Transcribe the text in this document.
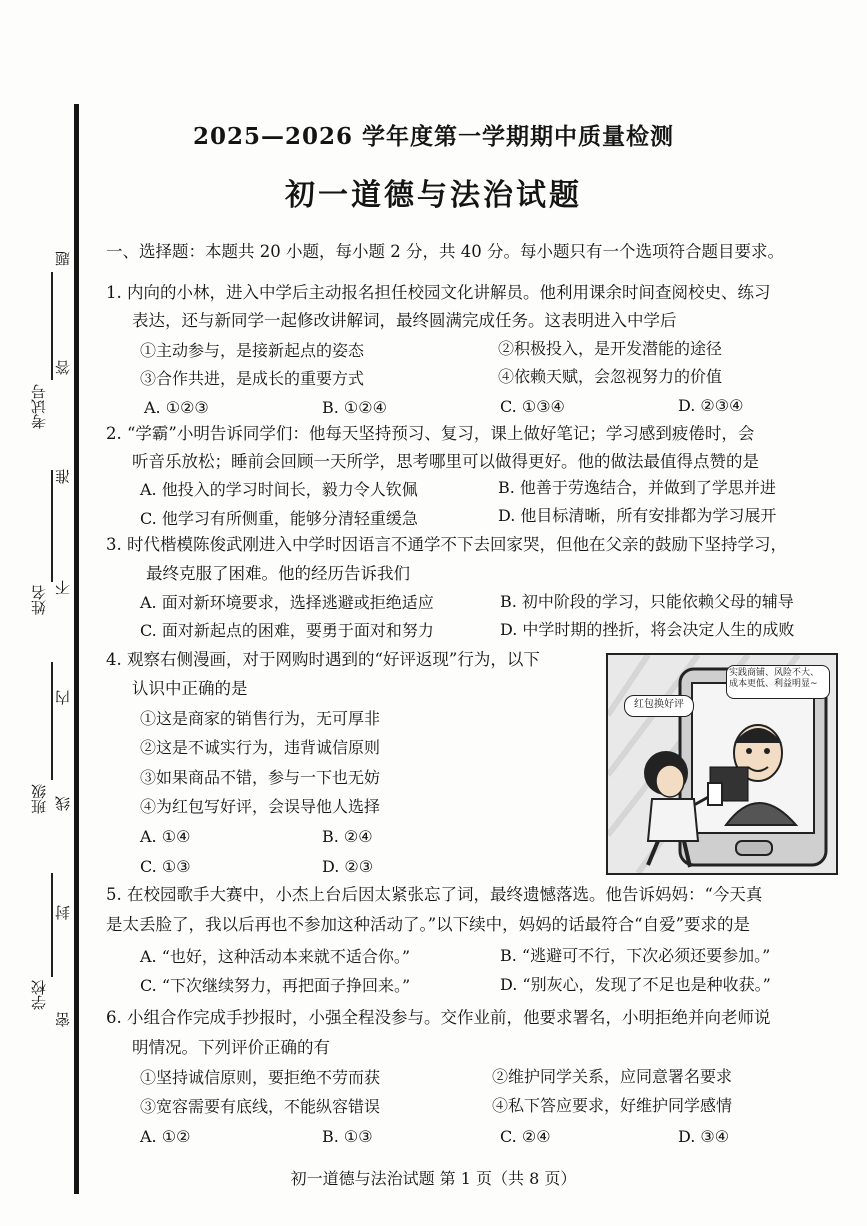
考试号
姓名
班级
学校
题
答
准
不
内
线
封
密
2025—2026 学年度第一学期期中质量检测
初一道德与法治试题
一、选择题：本题共 20 小题，每小题 2 分，共 40 分。每小题只有一个选项符合题目要求。
1. 内向的小林，进入中学后主动报名担任校园文化讲解员。他利用课余时间查阅校史、练习
表达，还与新同学一起修改讲解词，最终圆满完成任务。这表明进入中学后
①主动参与，是接新起点的姿态	②积极投入，是开发潜能的途径
③合作共进，是成长的重要方式	④依赖天赋，会忽视努力的价值
A. ①②③	B. ①②④	C. ①③④	D. ②③④
2. “学霸”小明告诉同学们：他每天坚持预习、复习，课上做好笔记；学习感到疲倦时，会
听音乐放松；睡前会回顾一天所学，思考哪里可以做得更好。他的做法最值得点赞的是
A. 他投入的学习时间长，毅力令人钦佩	B. 他善于劳逸结合，并做到了学思并进
C. 他学习有所侧重，能够分清轻重缓急	D. 他目标清晰，所有安排都为学习展开
3. 时代楷模陈俊武刚进入中学时因语言不通学不下去回家哭，但他在父亲的鼓励下坚持学习，
最终克服了困难。他的经历告诉我们
A. 面对新环境要求，选择逃避或拒绝适应	B. 初中阶段的学习，只能依赖父母的辅导
C. 面对新起点的困难，要勇于面对和努力	D. 中学时期的挫折，将会决定人生的成败
4. 观察右侧漫画，对于网购时遇到的“好评返现”行为，以下
认识中正确的是
①这是商家的销售行为，无可厚非
②这是不诚实行为，违背诚信原则
③如果商品不错，参与一下也无妨
④为红包写好评，会误导他人选择
A. ①④	B. ②④
C. ①③	D. ②③
实践商铺、风险不大、成本更低、利益明显~
红包换好评
5. 在校园歌手大赛中，小杰上台后因太紧张忘了词，最终遗憾落选。他告诉妈妈：“今天真
是太丢脸了，我以后再也不参加这种活动了。”以下续中，妈妈的话最符合“自爱”要求的是
A. “也好，这种活动本来就不适合你。”	B. “逃避可不行，下次必须还要参加。”
C. “下次继续努力，再把面子挣回来。”	D. “别灰心，发现了不足也是种收获。”
6. 小组合作完成手抄报时，小强全程没参与。交作业前，他要求署名，小明拒绝并向老师说
明情况。下列评价正确的有
①坚持诚信原则，要拒绝不劳而获	②维护同学关系，应同意署名要求
③宽容需要有底线，不能纵容错误	④私下答应要求，好维护同学感情
A. ①②	B. ①③	C. ②④	D. ③④
初一道德与法治试题 第 1 页（共 8 页）
